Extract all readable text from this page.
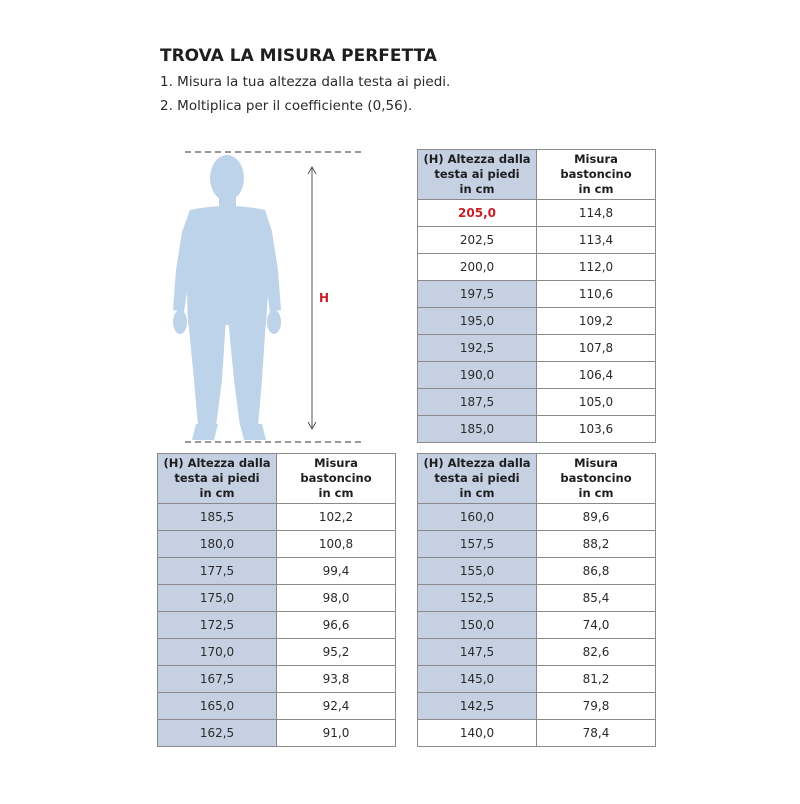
TROVA LA MISURA PERFETTA

1. Misura la tua altezza dalla testa ai piedi.

2. Moltiplica per il coefficiente (0,56).

H

(H) Altezza dalla
testa ai piedi
in cm	Misura bastoncino
in cm
205,0	114,8
202,5	113,4
200,0	112,0
197,5	110,6
195,0	109,2
192,5	107,8
190,0	106,4
187,5	105,0
185,0	103,6
(H) Altezza dalla
testa ai piedi
in cm	Misura bastoncino
in cm
185,5	102,2
180,0	100,8
177,5	99,4
175,0	98,0
172,5	96,6
170,0	95,2
167,5	93,8
165,0	92,4
162,5	91,0
(H) Altezza dalla
testa ai piedi
in cm	Misura bastoncino
in cm
160,0	89,6
157,5	88,2
155,0	86,8
152,5	85,4
150,0	74,0
147,5	82,6
145,0	81,2
142,5	79,8
140,0	78,4
